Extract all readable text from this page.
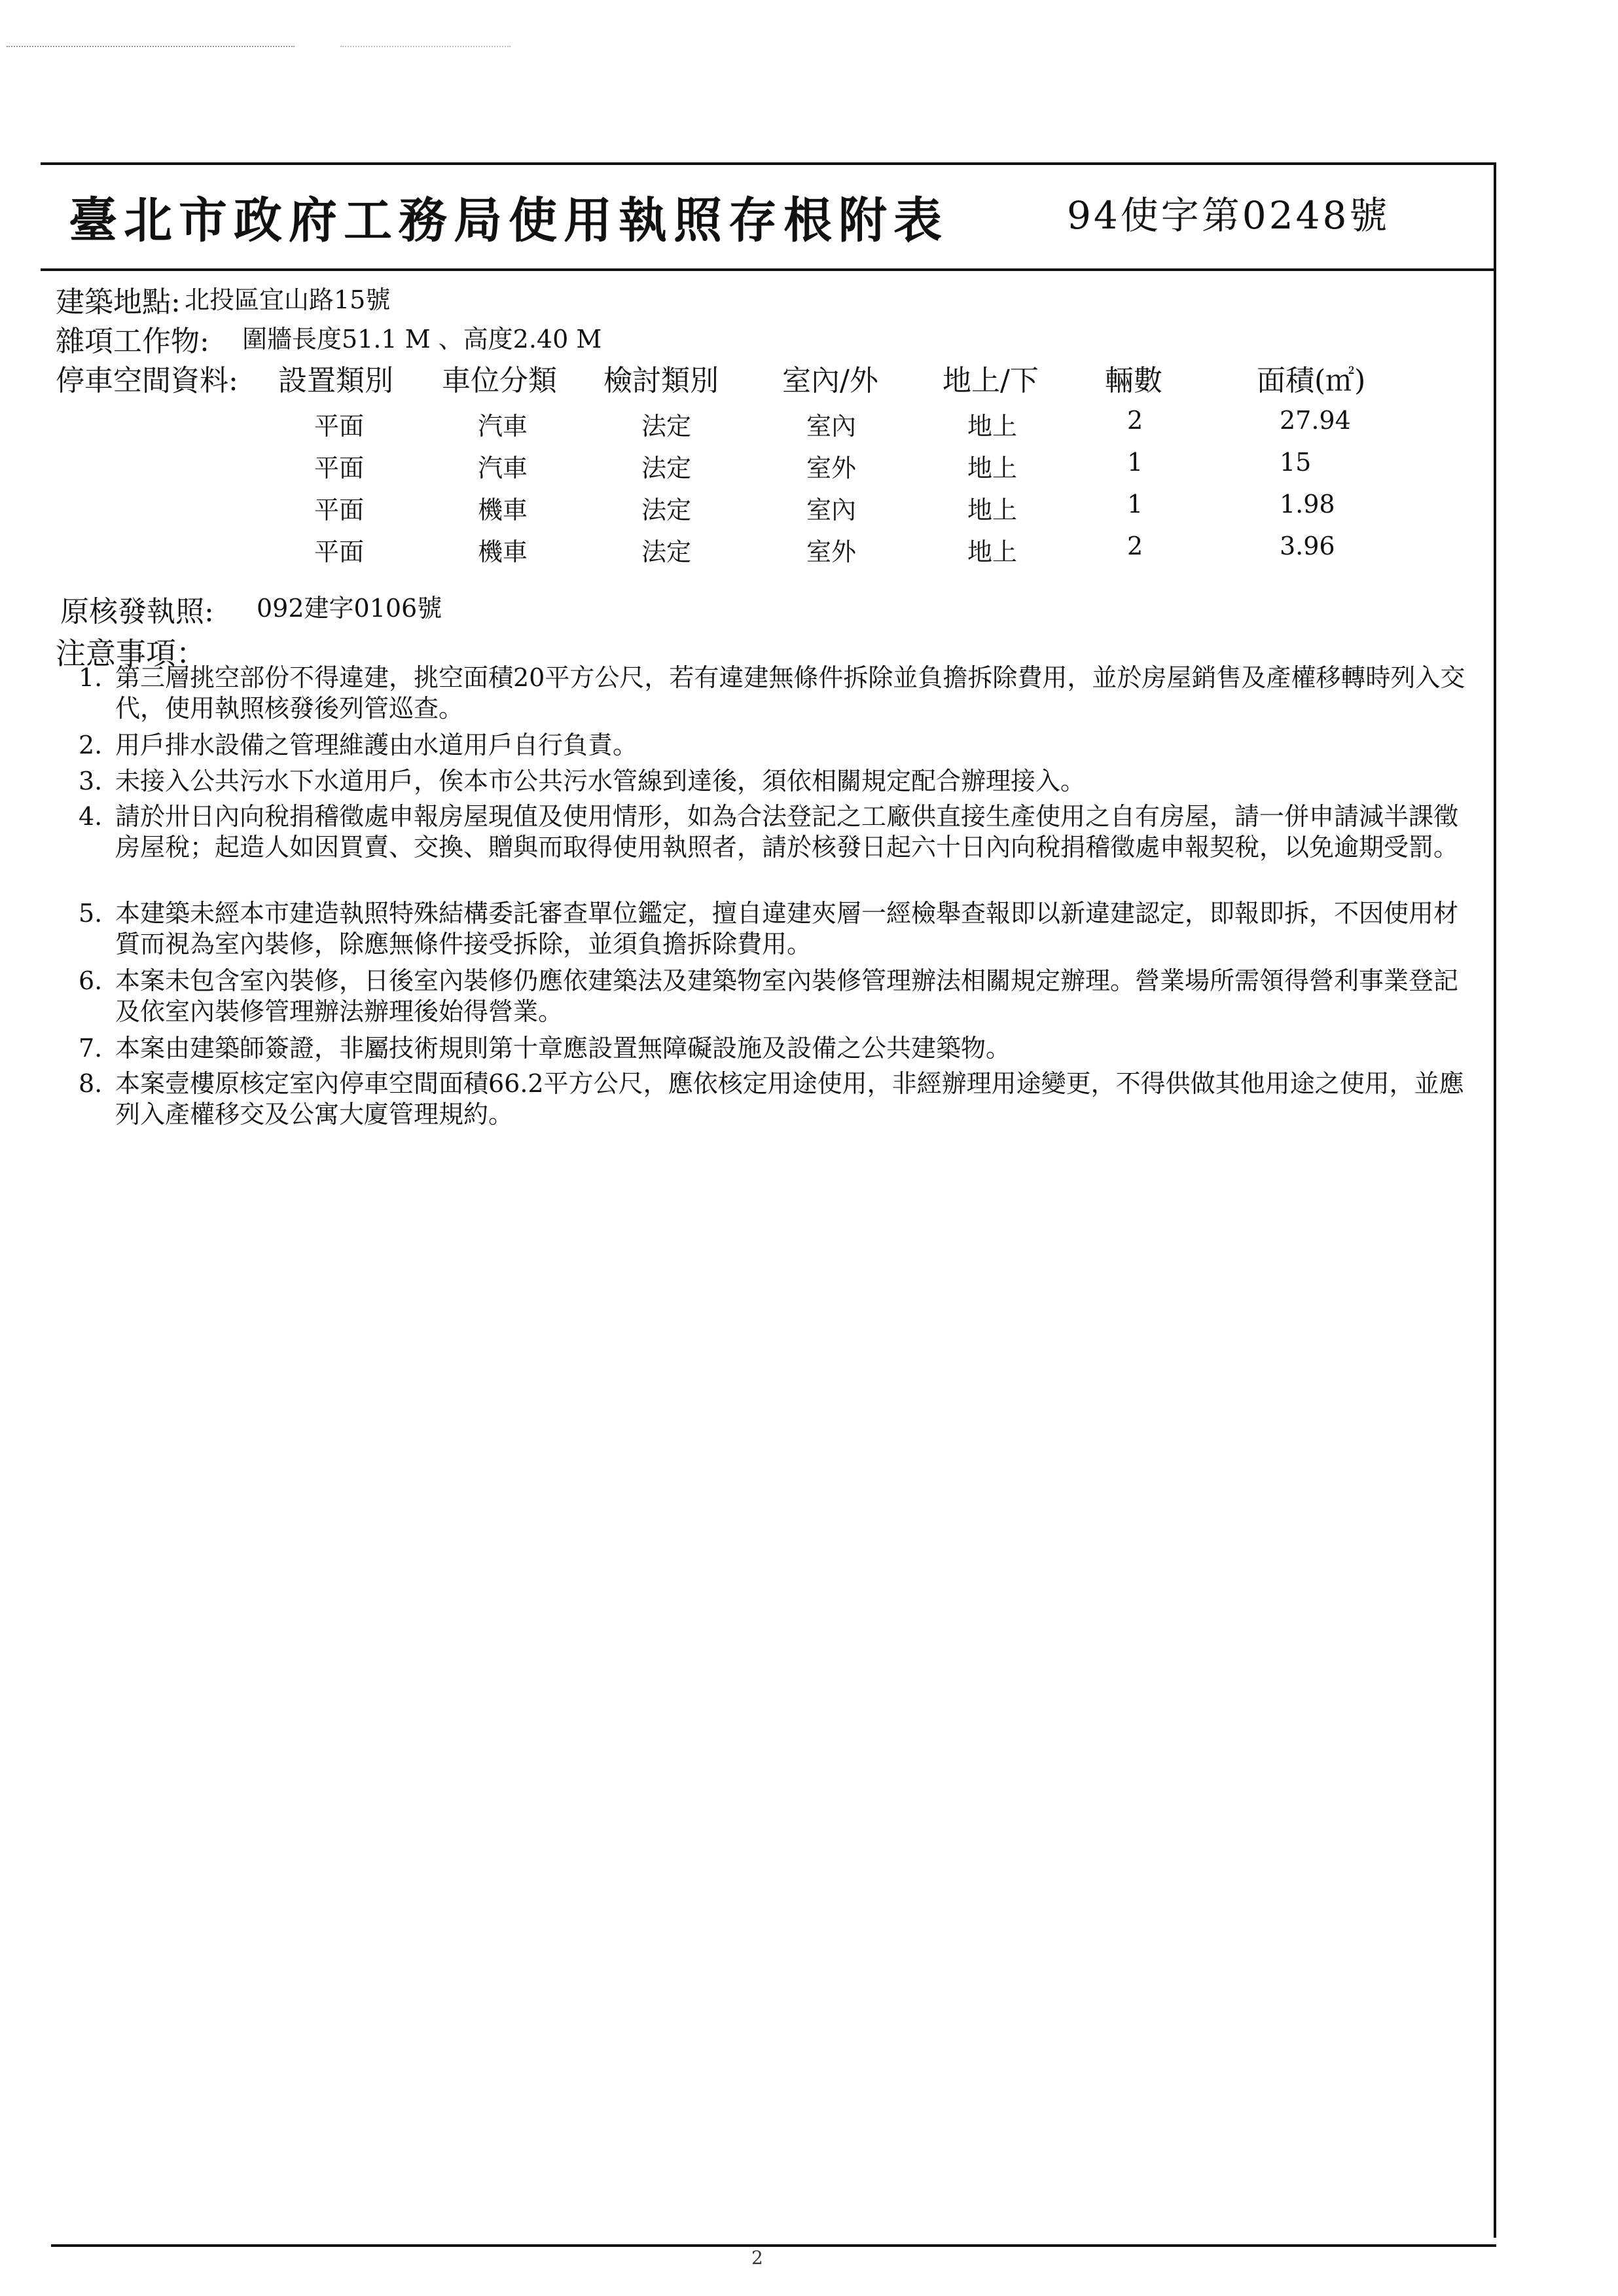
臺北市政府工務局使用執照存根附表	94使字第0248號
建築地點: 北投區宜山路15號
雜項工作物: 圍牆長度51.1 M 、高度2.40 M
停車空間資料: 設置類別 車位分類 檢討類別 室內/外 地上/下 輛數	面積(㎡)
平面	汽車	法定	室內	地上	2	27.94
平面	汽車	法定	室外	地上	1	15
平面	機車	法定	室內	地上	1	1.98
平面	機車	法定	室外	地上	2	3.96
原核發執照: 092建字0106號
注意事項：
1. 第三層挑空部份不得違建，挑空面積20平方公尺，若有違建無條件拆除並負擔拆除費用，並於房屋銷售及產權移轉時列入交代，使用執照核發後列管巡查。
2. 用戶排水設備之管理維護由水道用戶自行負責。
3. 未接入公共污水下水道用戶，俟本市公共污水管線到達後，須依相關規定配合辦理接入。
4. 請於卅日內向稅捐稽徵處申報房屋現值及使用情形，如為合法登記之工廠供直接生產使用之自有房屋，請一併申請減半課徵房屋稅；起造人如因買賣、交換、贈與而取得使用執照者，請於核發日起六十日內向稅捐稽徵處申報契稅，以免逾期受罰。
5. 本建築未經本市建造執照特殊結構委託審查單位鑑定，擅自違建夾層一經檢舉查報即以新違建認定，即報即拆，不因使用材質而視為室內裝修，除應無條件接受拆除，並須負擔拆除費用。
6. 本案未包含室內裝修，日後室內裝修仍應依建築法及建築物室內裝修管理辦法相關規定辦理。營業場所需領得營利事業登記及依室內裝修管理辦法辦理後始得營業。
7. 本案由建築師簽證，非屬技術規則第十章應設置無障礙設施及設備之公共建築物。
8. 本案壹樓原核定室內停車空間面積66.2平方公尺，應依核定用途使用，非經辦理用途變更，不得供做其他用途之使用，並應列入產權移交及公寓大廈管理規約。
2
